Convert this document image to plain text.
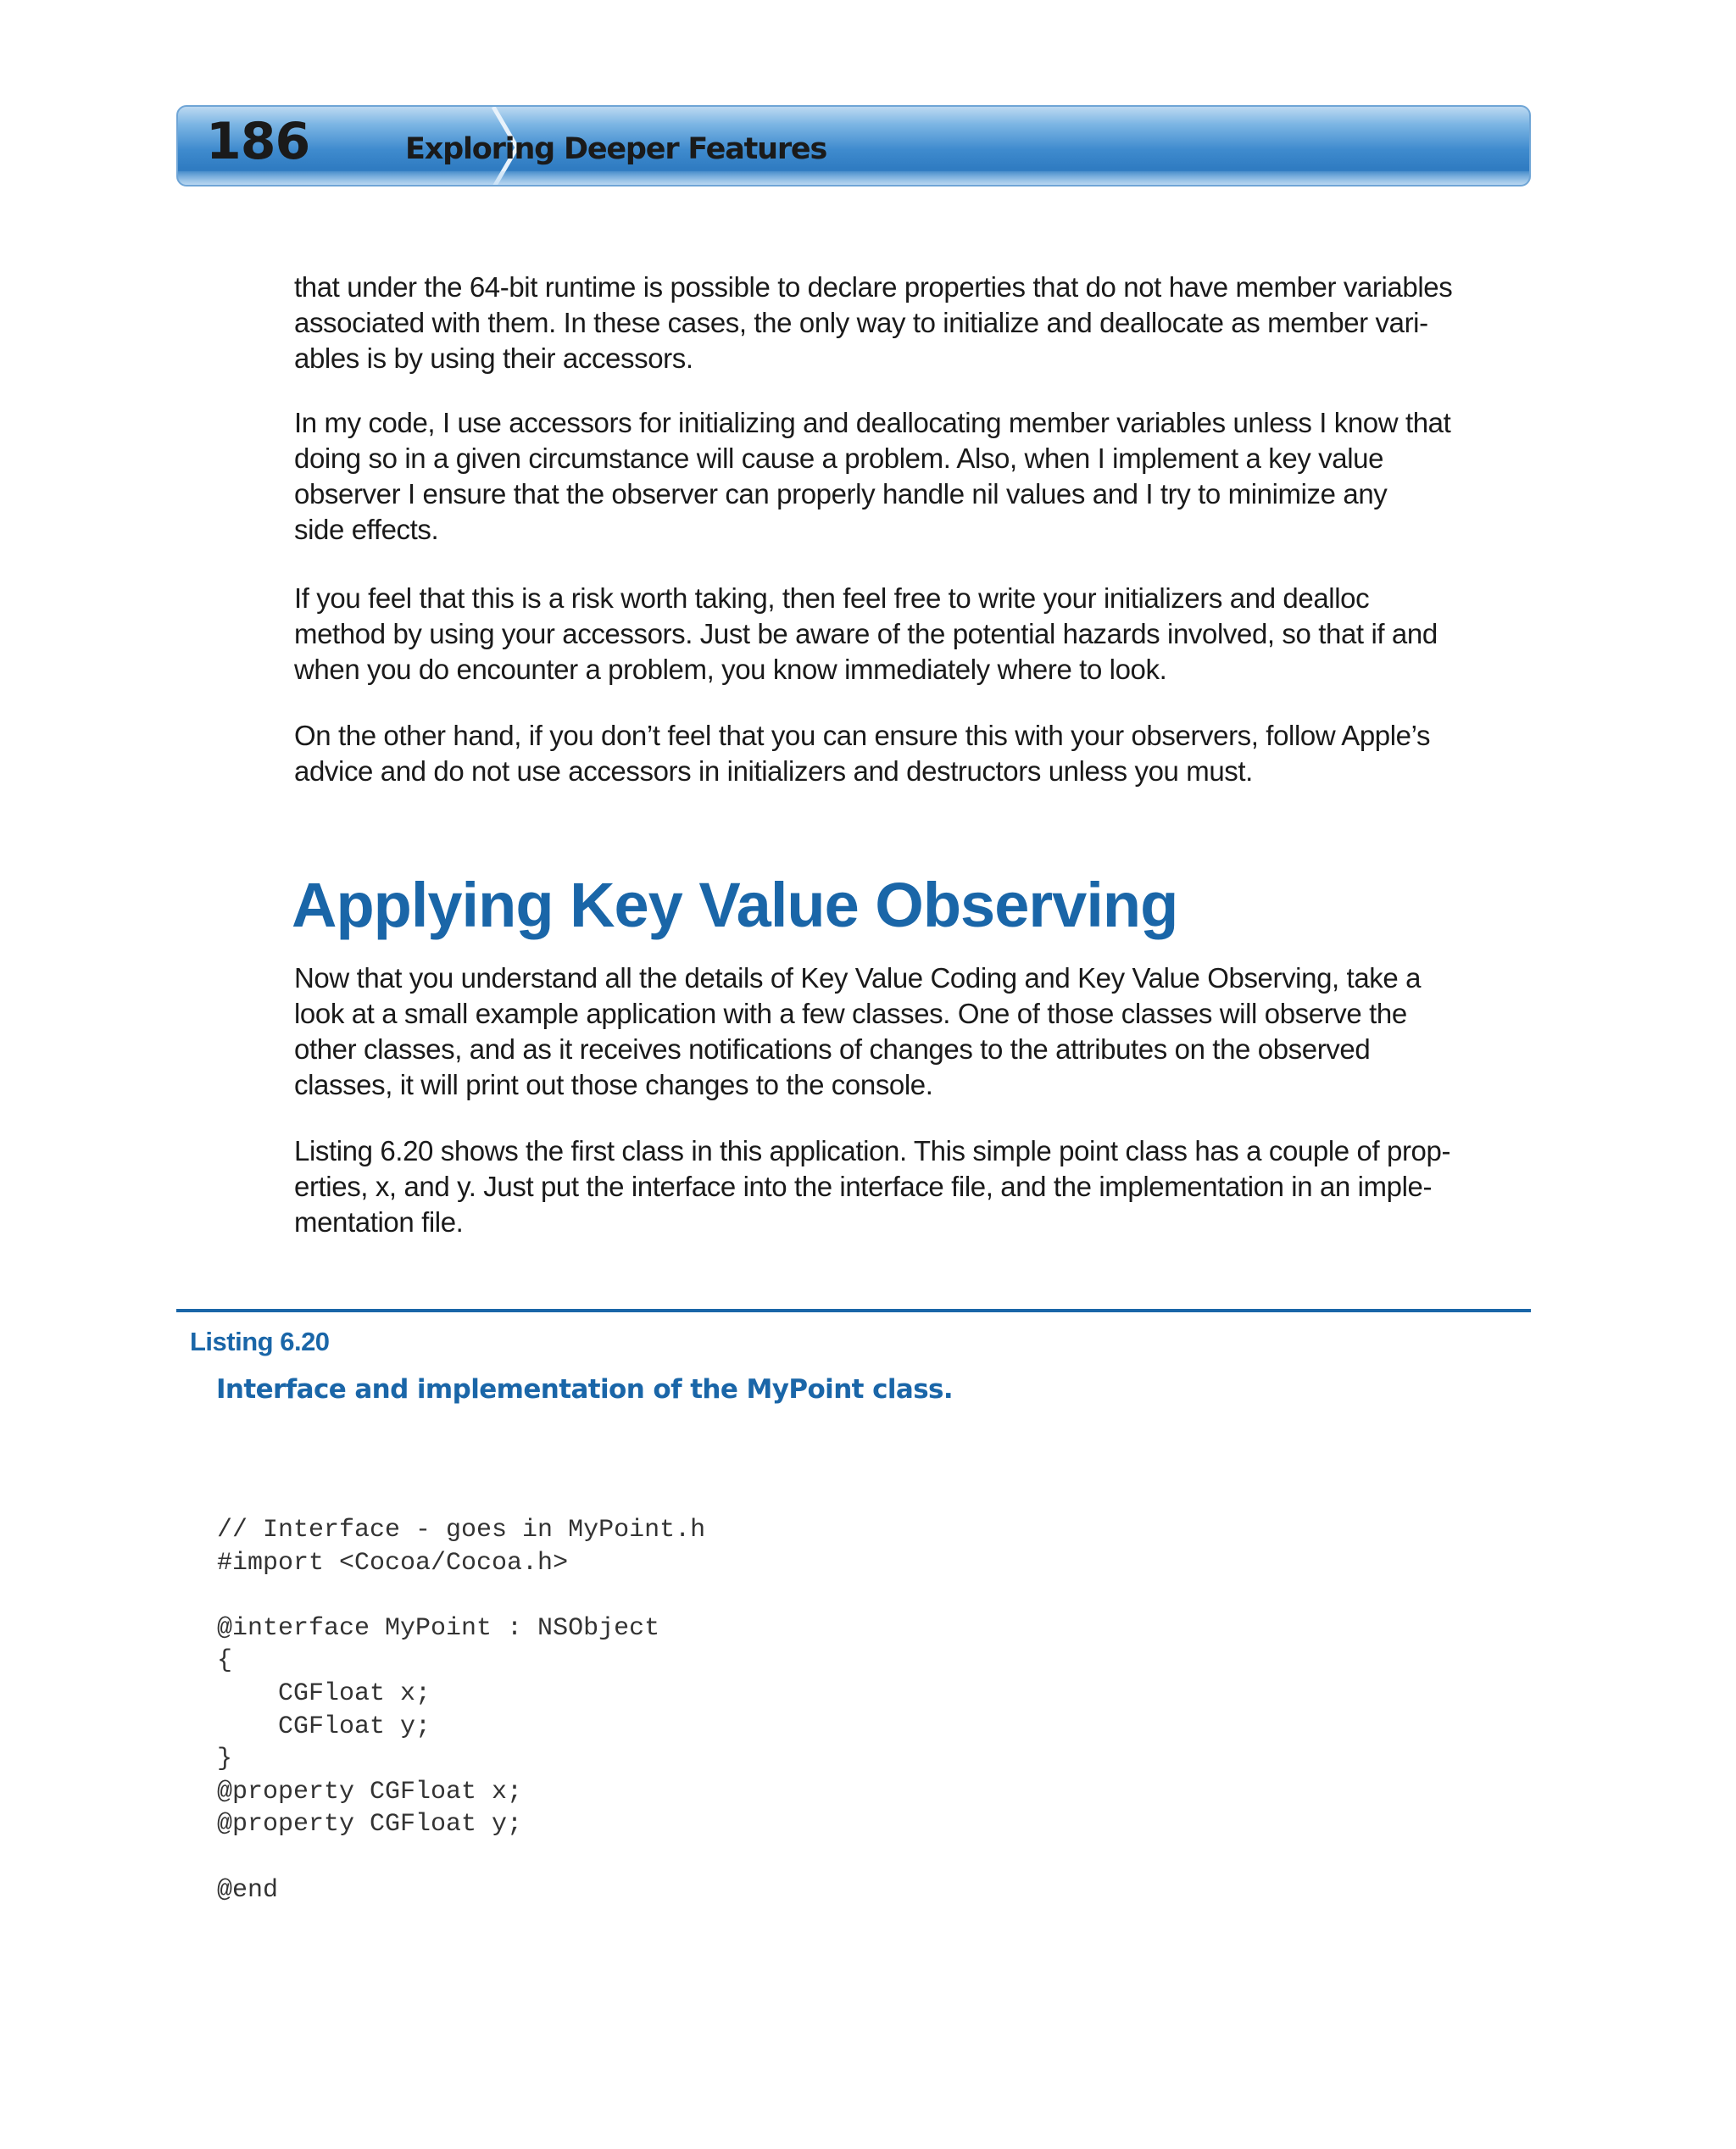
186	Exploring Deeper Features

that under the 64-bit runtime is possible to declare properties that do not have member variables
associated with them. In these cases, the only way to initialize and deallocate as member vari-
ables is by using their accessors.

In my code, I use accessors for initializing and deallocating member variables unless I know that
doing so in a given circumstance will cause a problem. Also, when I implement a key value
observer I ensure that the observer can properly handle nil values and I try to minimize any
side effects.

If you feel that this is a risk worth taking, then feel free to write your initializers and dealloc
method by using your accessors. Just be aware of the potential hazards involved, so that if and
when you do encounter a problem, you know immediately where to look.

On the other hand, if you don’t feel that you can ensure this with your observers, follow Apple’s
advice and do not use accessors in initializers and destructors unless you must.

Applying Key Value Observing

Now that you understand all the details of Key Value Coding and Key Value Observing, take a
look at a small example application with a few classes. One of those classes will observe the
other classes, and as it receives notifications of changes to the attributes on the observed
classes, it will print out those changes to the console.

Listing 6.20 shows the first class in this application. This simple point class has a couple of prop-
erties, x, and y. Just put the interface into the interface file, and the implementation in an imple-
mentation file.

Listing 6.20
Interface and implementation of the MyPoint class.
// Interface - goes in MyPoint.h
#import <Cocoa/Cocoa.h>

@interface MyPoint : NSObject
{
CGFloat x;
CGFloat y;
}
@property CGFloat x;
@property CGFloat y;

@end
